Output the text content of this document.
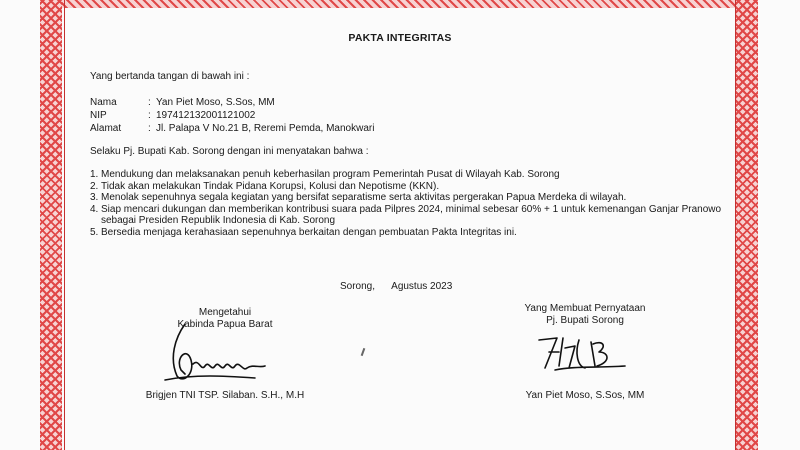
PAKTA INTEGRITAS
Yang bertanda tangan di bawah ini :
Nama	: Yan Piet Moso, S.Sos, MM
NIP	: 197412132001121002
Alamat	: Jl. Palapa V No.21 B, Reremi Pemda, Manokwari
Selaku Pj. Bupati Kab. Sorong dengan ini menyatakan bahwa :
1. Mendukung dan melaksanakan penuh keberhasilan program Pemerintah Pusat di Wilayah Kab. Sorong
2. Tidak akan melakukan Tindak Pidana Korupsi, Kolusi dan Nepotisme (KKN).
3. Menolak sepenuhnya segala kegiatan yang bersifat separatisme serta aktivitas pergerakan Papua Merdeka di wilayah.
4. Siap mencari dukungan dan memberikan kontribusi suara pada Pilpres 2024, minimal sebesar 60% + 1 untuk kemenangan Ganjar Pranowo sebagai Presiden Republik Indonesia di Kab. Sorong
5. Bersedia menjaga kerahasiaan sepenuhnya berkaitan dengan pembuatan Pakta Integritas ini.
Sorong,      Agustus 2023
Mengetahui
Kabinda Papua Barat
Brigjen TNI TSP. Silaban. S.H., M.H
Yang Membuat Pernyataan
Pj. Bupati Sorong
Yan Piet Moso, S.Sos, MM
